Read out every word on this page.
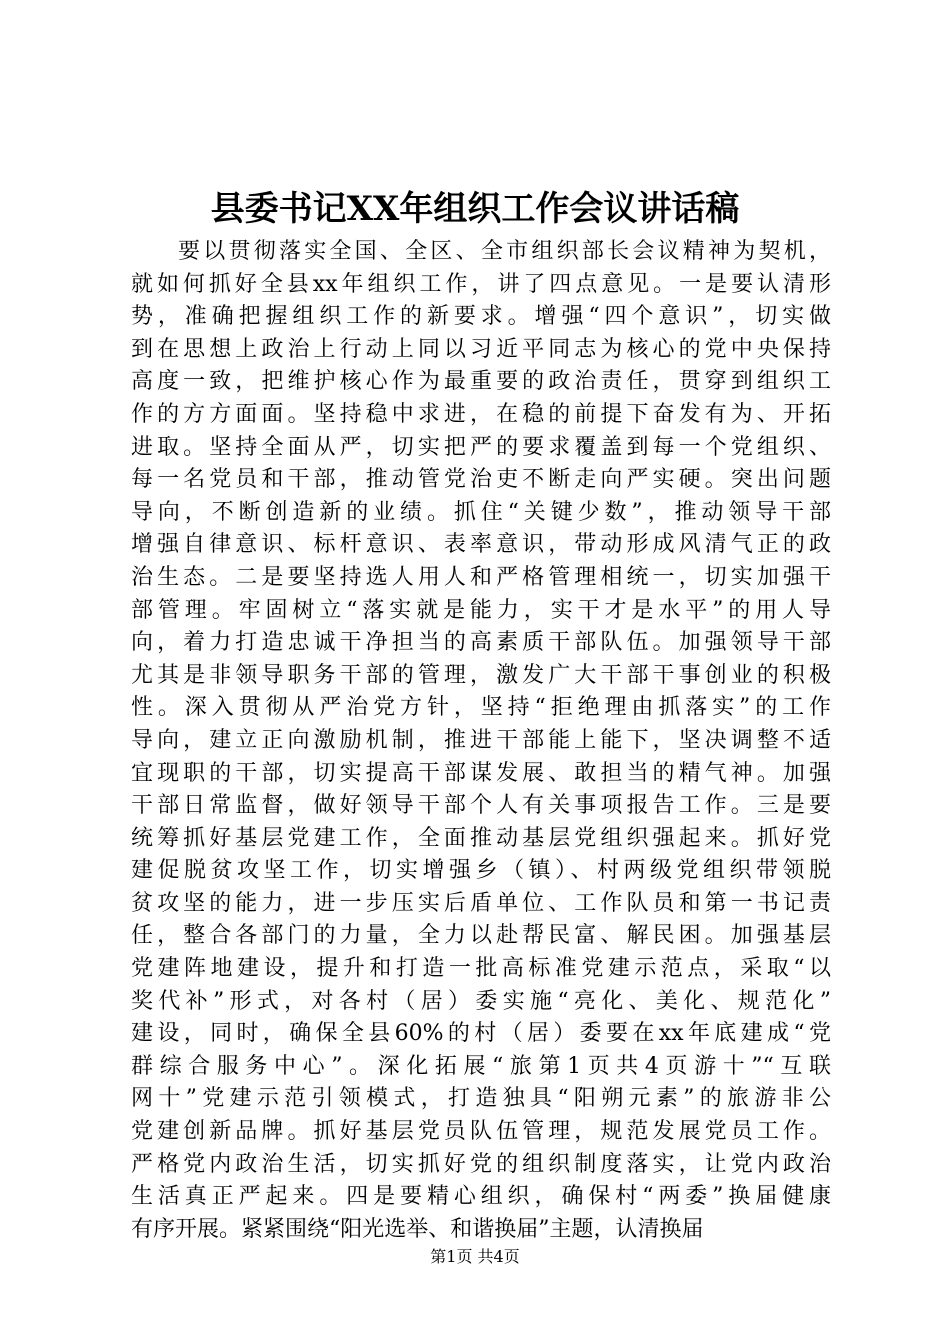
县委书记XX年组织工作会议讲话稿
要以贯彻落实全国、全区、全市组织部长会议精神为契机，
就如何抓好全县xx年组织工作，讲了四点意见。一是要认清形
势，准确把握组织工作的新要求。增强“四个意识”，切实做
到在思想上政治上行动上同以习近平同志为核心的党中央保持
高度一致，把维护核心作为最重要的政治责任，贯穿到组织工
作的方方面面。坚持稳中求进，在稳的前提下奋发有为、开拓
进取。坚持全面从严，切实把严的要求覆盖到每一个党组织、
每一名党员和干部，推动管党治吏不断走向严实硬。突出问题
导向，不断创造新的业绩。抓住“关键少数”，推动领导干部
增强自律意识、标杆意识、表率意识，带动形成风清气正的政
治生态。二是要坚持选人用人和严格管理相统一，切实加强干
部管理。牢固树立“落实就是能力，实干才是水平”的用人导
向，着力打造忠诚干净担当的高素质干部队伍。加强领导干部
尤其是非领导职务干部的管理，激发广大干部干事创业的积极
性。深入贯彻从严治党方针，坚持“拒绝理由抓落实”的工作
导向，建立正向激励机制，推进干部能上能下，坚决调整不适
宜现职的干部，切实提高干部谋发展、敢担当的精气神。加强
干部日常监督，做好领导干部个人有关事项报告工作。三是要
统筹抓好基层党建工作，全面推动基层党组织强起来。抓好党
建促脱贫攻坚工作，切实增强乡（镇）、村两级党组织带领脱
贫攻坚的能力，进一步压实后盾单位、工作队员和第一书记责
任，整合各部门的力量，全力以赴帮民富、解民困。加强基层
党建阵地建设，提升和打造一批高标准党建示范点，采取“以
奖代补”形式，对各村（居）委实施“亮化、美化、规范化”
建设，同时，确保全县60%的村（居）委要在xx年底建成“党
群综合服务中心”。深化拓展“旅第1页共4页游十”“互联
网十”党建示范引领模式，打造独具“阳朔元素”的旅游非公
党建创新品牌。抓好基层党员队伍管理，规范发展党员工作。
严格党内政治生活，切实抓好党的组织制度落实，让党内政治
生活真正严起来。四是要精心组织，确保村“两委”换届健康
有序开展。紧紧围绕“阳光选举、和谐换届”主题，认清换届
第1页 共4页
